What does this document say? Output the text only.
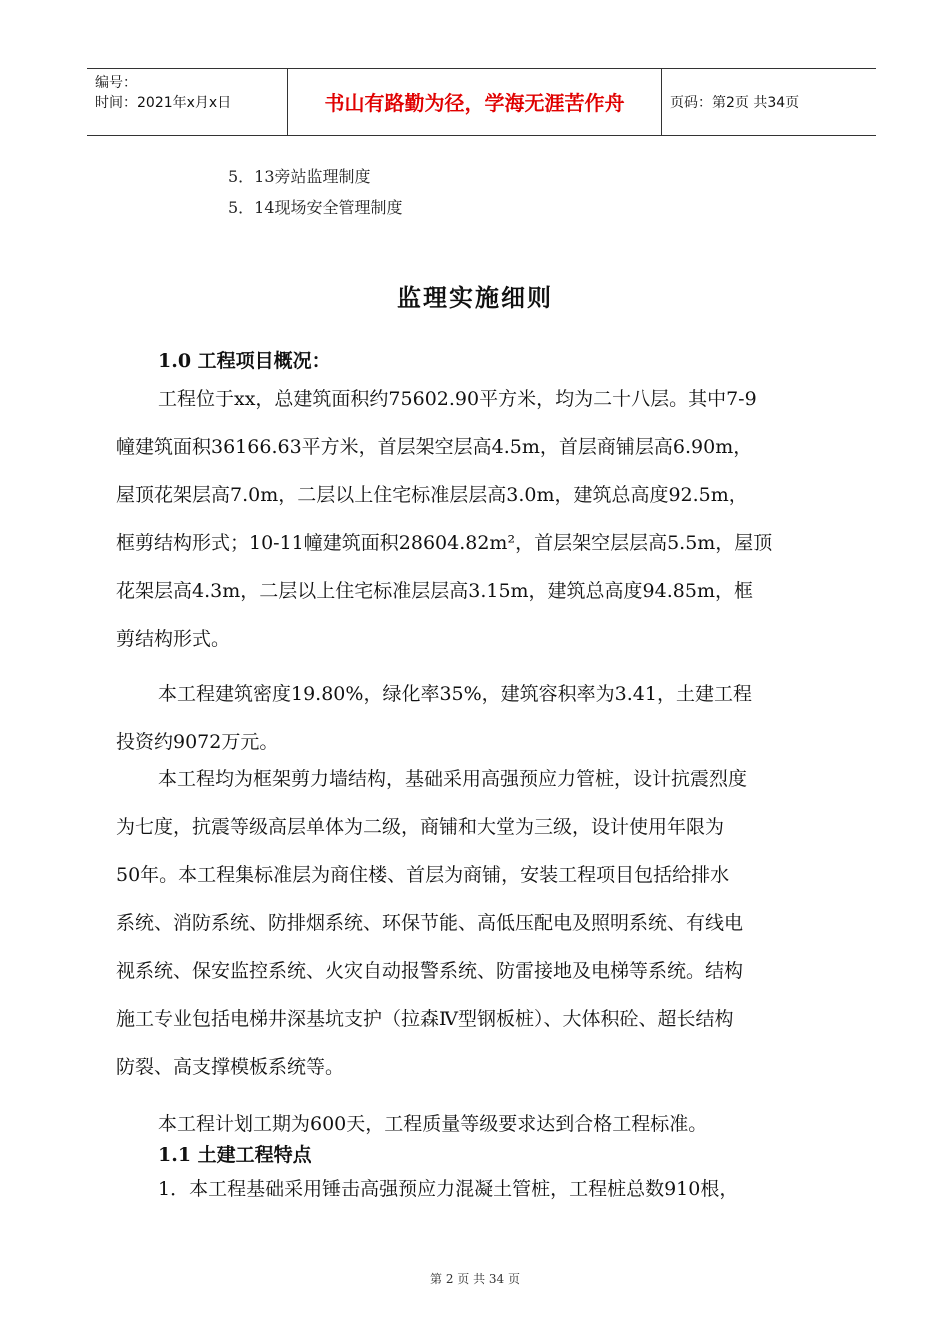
编号：
时间：2021年x月x日	书山有路勤为径，学海无涯苦作舟	页码：第2页 共34页
5．13旁站监理制度
5．14现场安全管理制度
监理实施细则
1.0 工程项目概况：
工程位于xx，总建筑面积约75602.90平方米，均为二十八层。其中7-9
幢建筑面积36166.63平方米，首层架空层高4.5m，首层商铺层高6.90m，
屋顶花架层高7.0m，二层以上住宅标准层层高3.0m，建筑总高度92.5m，
框剪结构形式；10-11幢建筑面积28604.82m²，首层架空层层高5.5m，屋顶
花架层高4.3m，二层以上住宅标准层层高3.15m，建筑总高度94.85m，框
剪结构形式。
本工程建筑密度19.80%，绿化率35%，建筑容积率为3.41，土建工程
投资约9072万元。
本工程均为框架剪力墙结构，基础采用高强预应力管桩，设计抗震烈度
为七度，抗震等级高层单体为二级，商铺和大堂为三级，设计使用年限为
50年。本工程集标准层为商住楼、首层为商铺，安装工程项目包括给排水
系统、消防系统、防排烟系统、环保节能、高低压配电及照明系统、有线电
视系统、保安监控系统、火灾自动报警系统、防雷接地及电梯等系统。结构
施工专业包括电梯井深基坑支护（拉森Ⅳ型钢板桩）、大体积砼、超长结构
防裂、高支撑模板系统等。
本工程计划工期为600天，工程质量等级要求达到合格工程标准。
1.1 土建工程特点
1．本工程基础采用锤击高强预应力混凝土管桩，工程桩总数910根，
第 2 页 共 34 页
